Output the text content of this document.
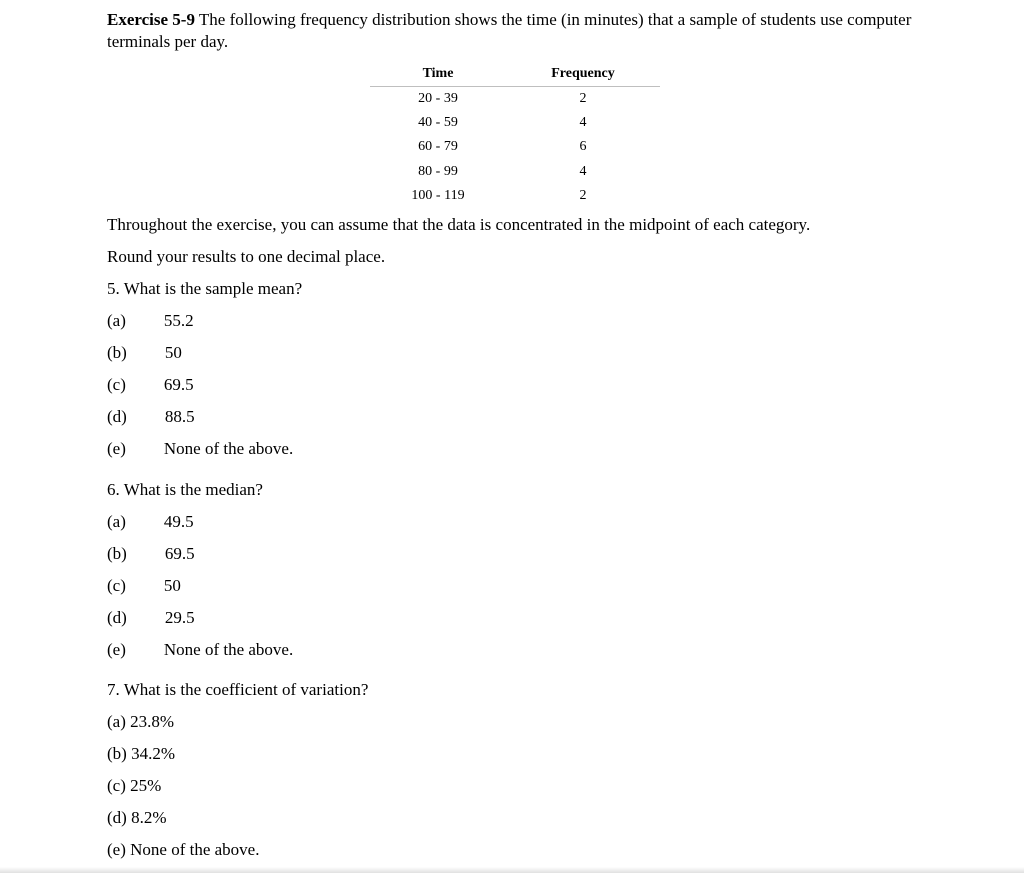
Exercise 5-9 The following frequency distribution shows the time (in minutes) that a sample of students use computer terminals per day.
Time	Frequency
20 - 39	2
40 - 59	4
60 - 79	6
80 - 99	4
100 - 119	2
Throughout the exercise, you can assume that the data is concentrated in the midpoint of each category.
Round your results to one decimal place.
5. What is the sample mean?
(a) 55.2
(b) 50
(c) 69.5
(d) 88.5
(e) None of the above.
6. What is the median?
(a) 49.5
(b) 69.5
(c) 50
(d) 29.5
(e) None of the above.
7. What is the coefficient of variation?
(a) 23.8%
(b) 34.2%
(c) 25%
(d) 8.2%
(e) None of the above.
